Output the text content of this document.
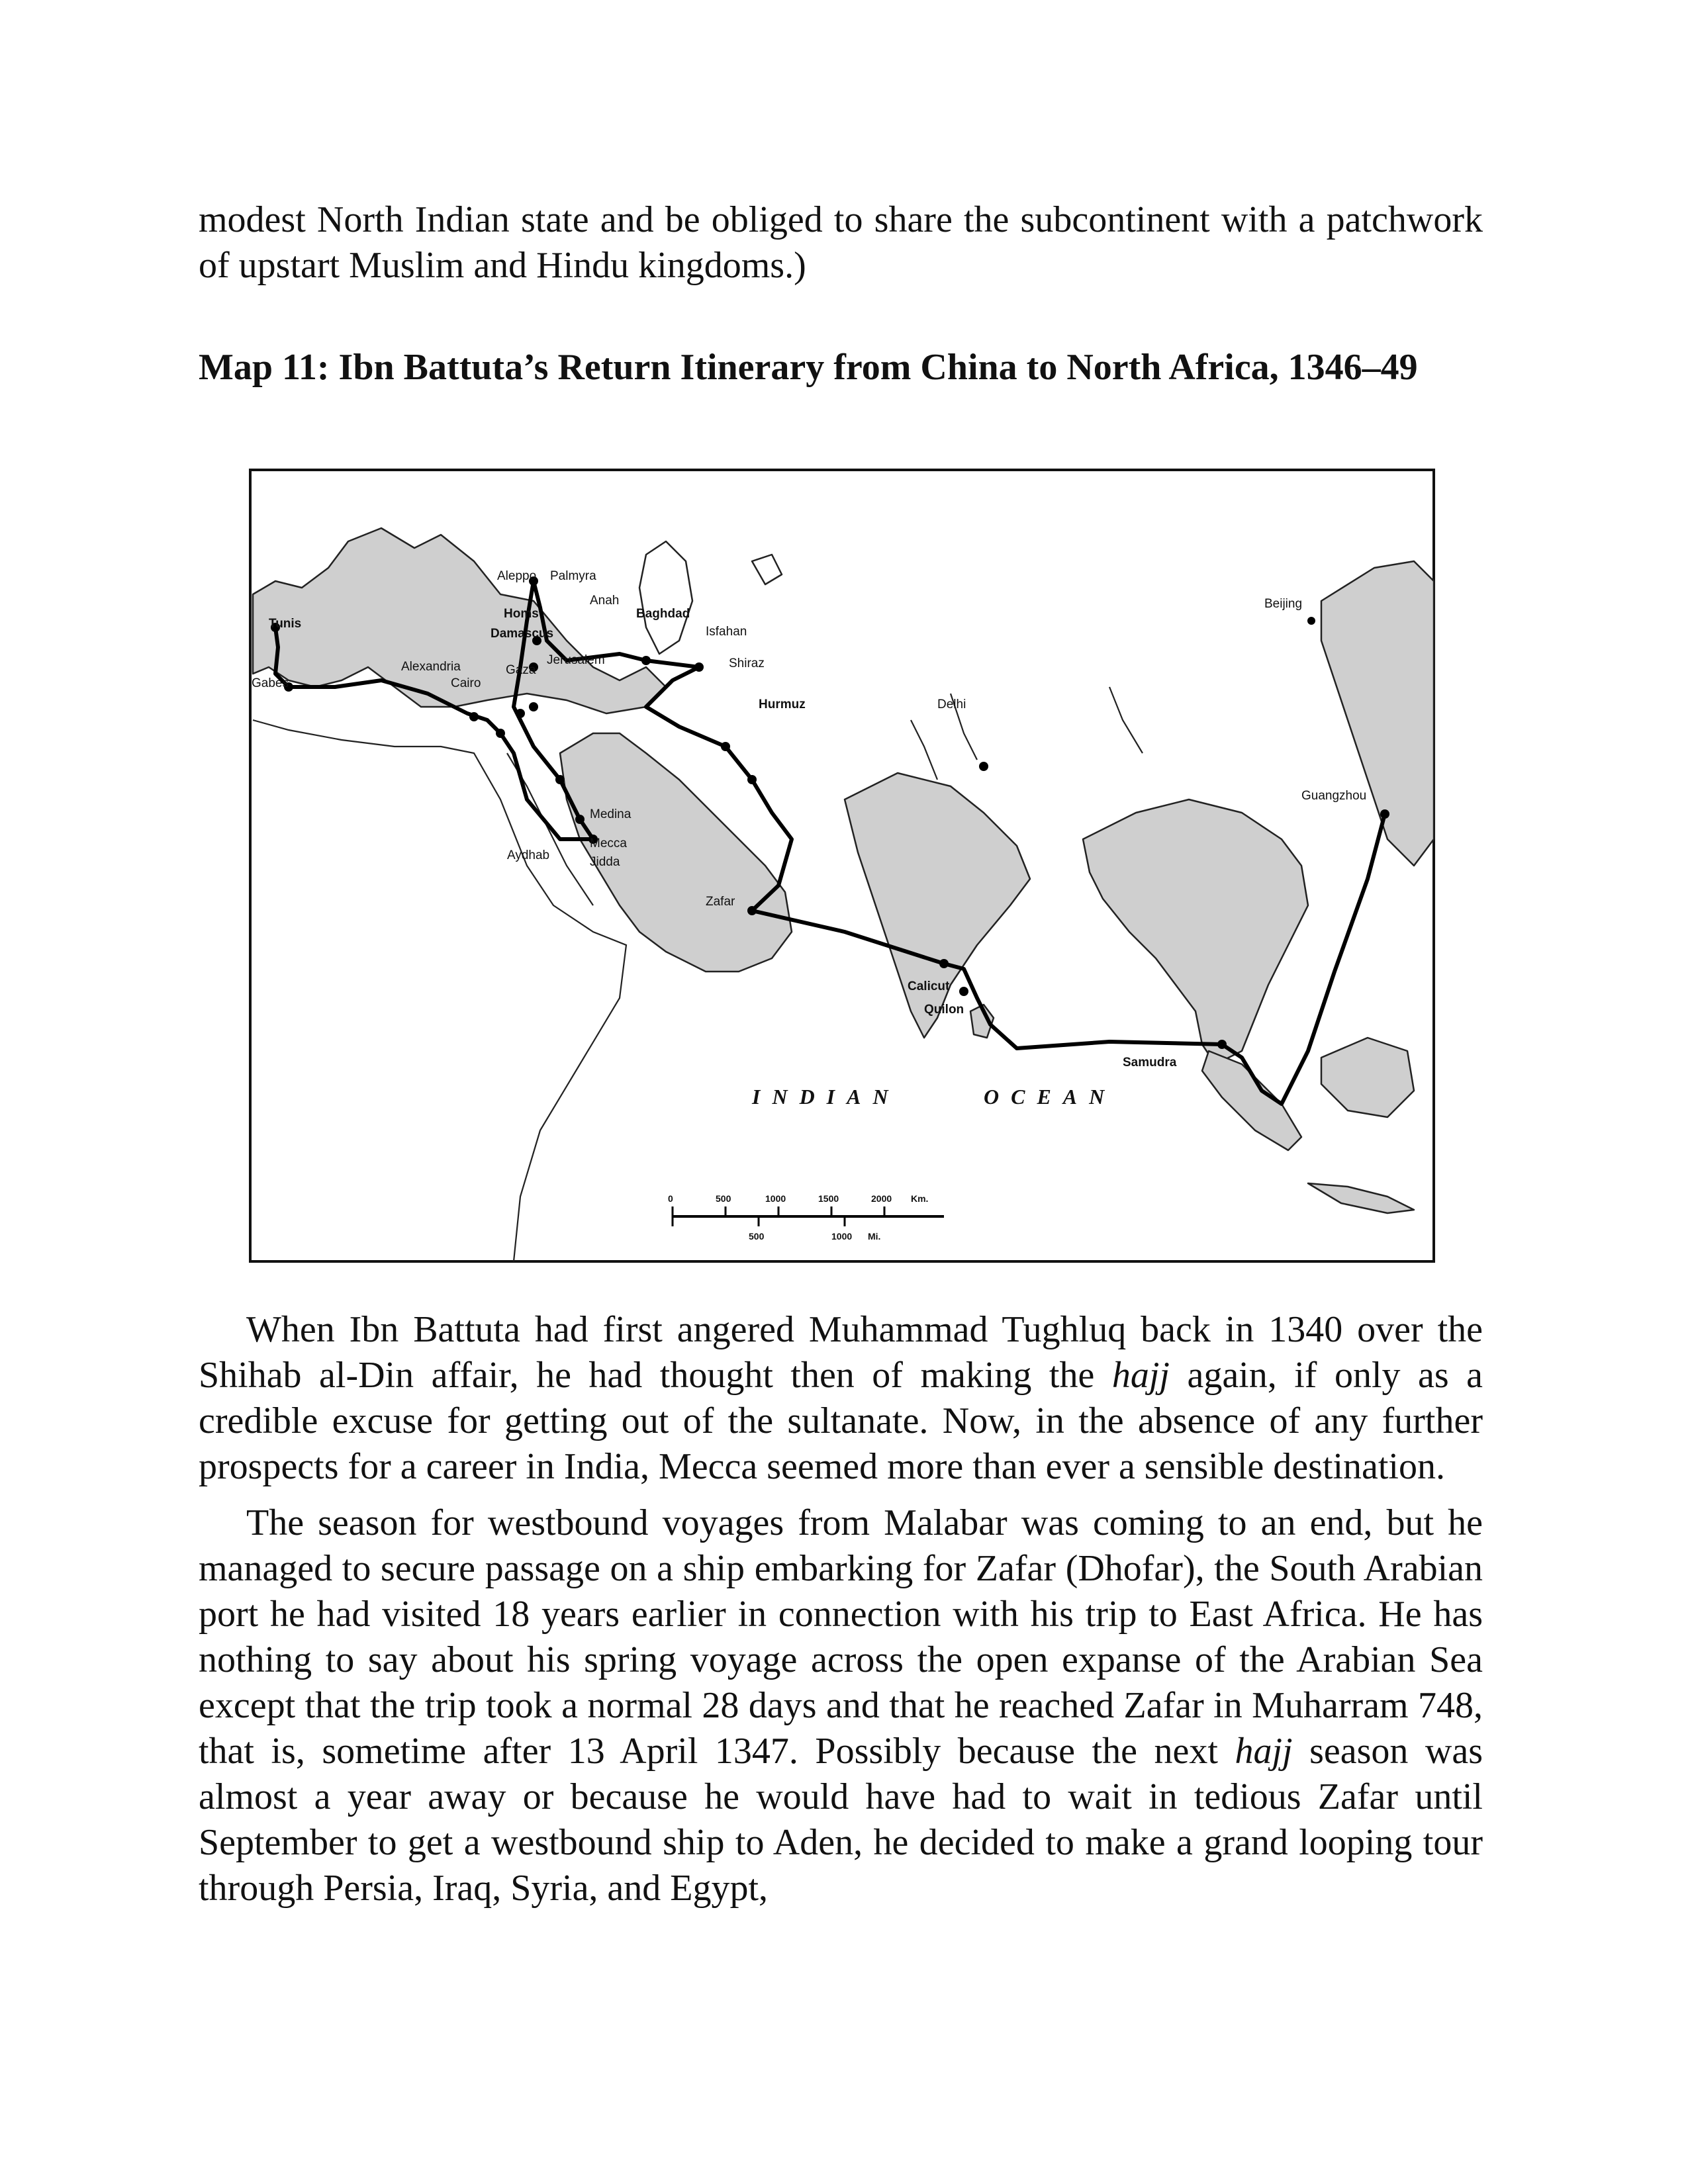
modest North Indian state and be obliged to share the subcontinent with a patchwork of upstart Muslim and Hindu kingdoms.)

Map 11: Ibn Battuta’s Return Itinerary from China to North Africa, 1346–49
Beijing
Tunis
Gabes
Aleppo Palmyra
Anah
Homs
Damascus
Baghdad
Isfahan
Shiraz
Jerusalem
Alexandria
Cairo
Gaza
Hurmuz	Delhi
Guangzhou
Medina
Mecca
Jidda
Aydhab
Zafar
Calicut
Quilon
Samudra
INDIAN	OCEAN
0	500	1000	1500	2000 Km.
500	1000 Mi.

When Ibn Battuta had first angered Muhammad Tughluq back in 1340 over the Shihab al-Din affair, he had thought then of making the hajj again, if only as a credible excuse for getting out of the sultanate. Now, in the absence of any further prospects for a career in India, Mecca seemed more than ever a sensible destination.

The season for westbound voyages from Malabar was coming to an end, but he managed to secure passage on a ship embarking for Zafar (Dhofar), the South Arabian port he had visited 18 years earlier in connection with his trip to East Africa. He has nothing to say about his spring voyage across the open expanse of the Arabian Sea except that the trip took a normal 28 days and that he reached Zafar in Muharram 748, that is, sometime after 13 April 1347. Possibly because the next hajj season was almost a year away or because he would have had to wait in tedious Zafar until September to get a westbound ship to Aden, he decided to make a grand looping tour through Persia, Iraq, Syria, and Egypt,
